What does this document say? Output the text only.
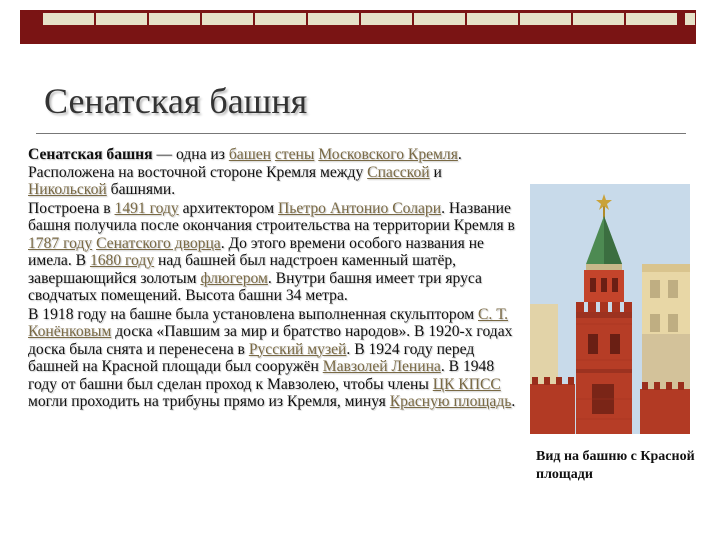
Сенатская башня

Сенатская башня — одна из башен стены Московского Кремля. Расположена на восточной стороне Кремля между Спасской и Никольской башнями.

Построена в 1491 году архитектором Пьетро Антонио Солари. Название башня получила после окончания строительства на территории Кремля в 1787 году Сенатского дворца. До этого времени особого названия не имела. В 1680 году над башней был надстроен каменный шатёр, завершающийся золотым флюгером. Внутри башня имеет три яруса сводчатых помещений. Высота башни 34 метра.

В 1918 году на башне была установлена выполненная скульптором С. Т. Конёнковым доска «Павшим за мир и братство народов». В 1920-х годах доска была снята и перенесена в Русский музей. В 1924 году перед башней на Красной площади был сооружён Мавзолей Ленина. В 1948 году от башни был сделан проход к Мавзолею, чтобы члены ЦК КПСС могли проходить на трибуны прямо из Кремля, минуя Красную площадь.

Вид на башню с Красной площади
